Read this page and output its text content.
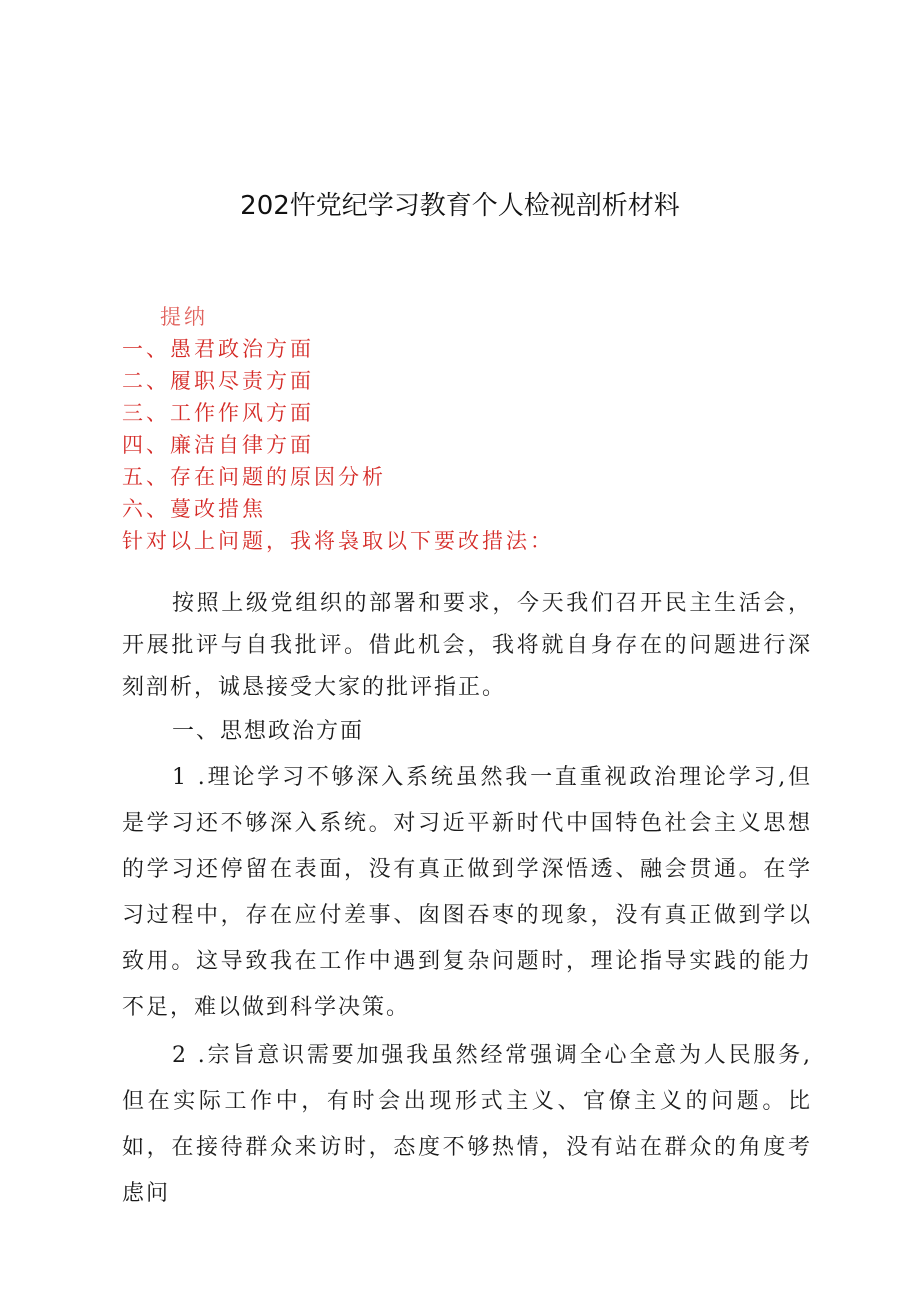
202忤党纪学习教育个人检视剖析材料
提纳
一、愚君政治方面
二、履职尽责方面
三、工作作风方面
四、廉洁自律方面
五、存在问题的原因分析
六、蔓改措焦
针对以上问题，我将袅取以下要改措法：

按照上级党组织的部署和要求，今天我们召开民主生活会，开展批评与自我批评。借此机会，我将就自身存在的问题进行深刻剖析，诚恳接受大家的批评指正。

一、思想政治方面

1 .理论学习不够深入系统虽然我一直重视政治理论学习,但是学习还不够深入系统。对习近平新时代中国特色社会主义思想的学习还停留在表面，没有真正做到学深悟透、融会贯通。在学习过程中，存在应付差事、囱图吞枣的现象，没有真正做到学以致用。这导致我在工作中遇到复杂问题时，理论指导实践的能力不足，难以做到科学决策。

2 .宗旨意识需要加强我虽然经常强调全心全意为人民服务,但在实际工作中，有时会出现形式主义、官僚主义的问题。比如，在接待群众来访时，态度不够热情，没有站在群众的角度考虑问
